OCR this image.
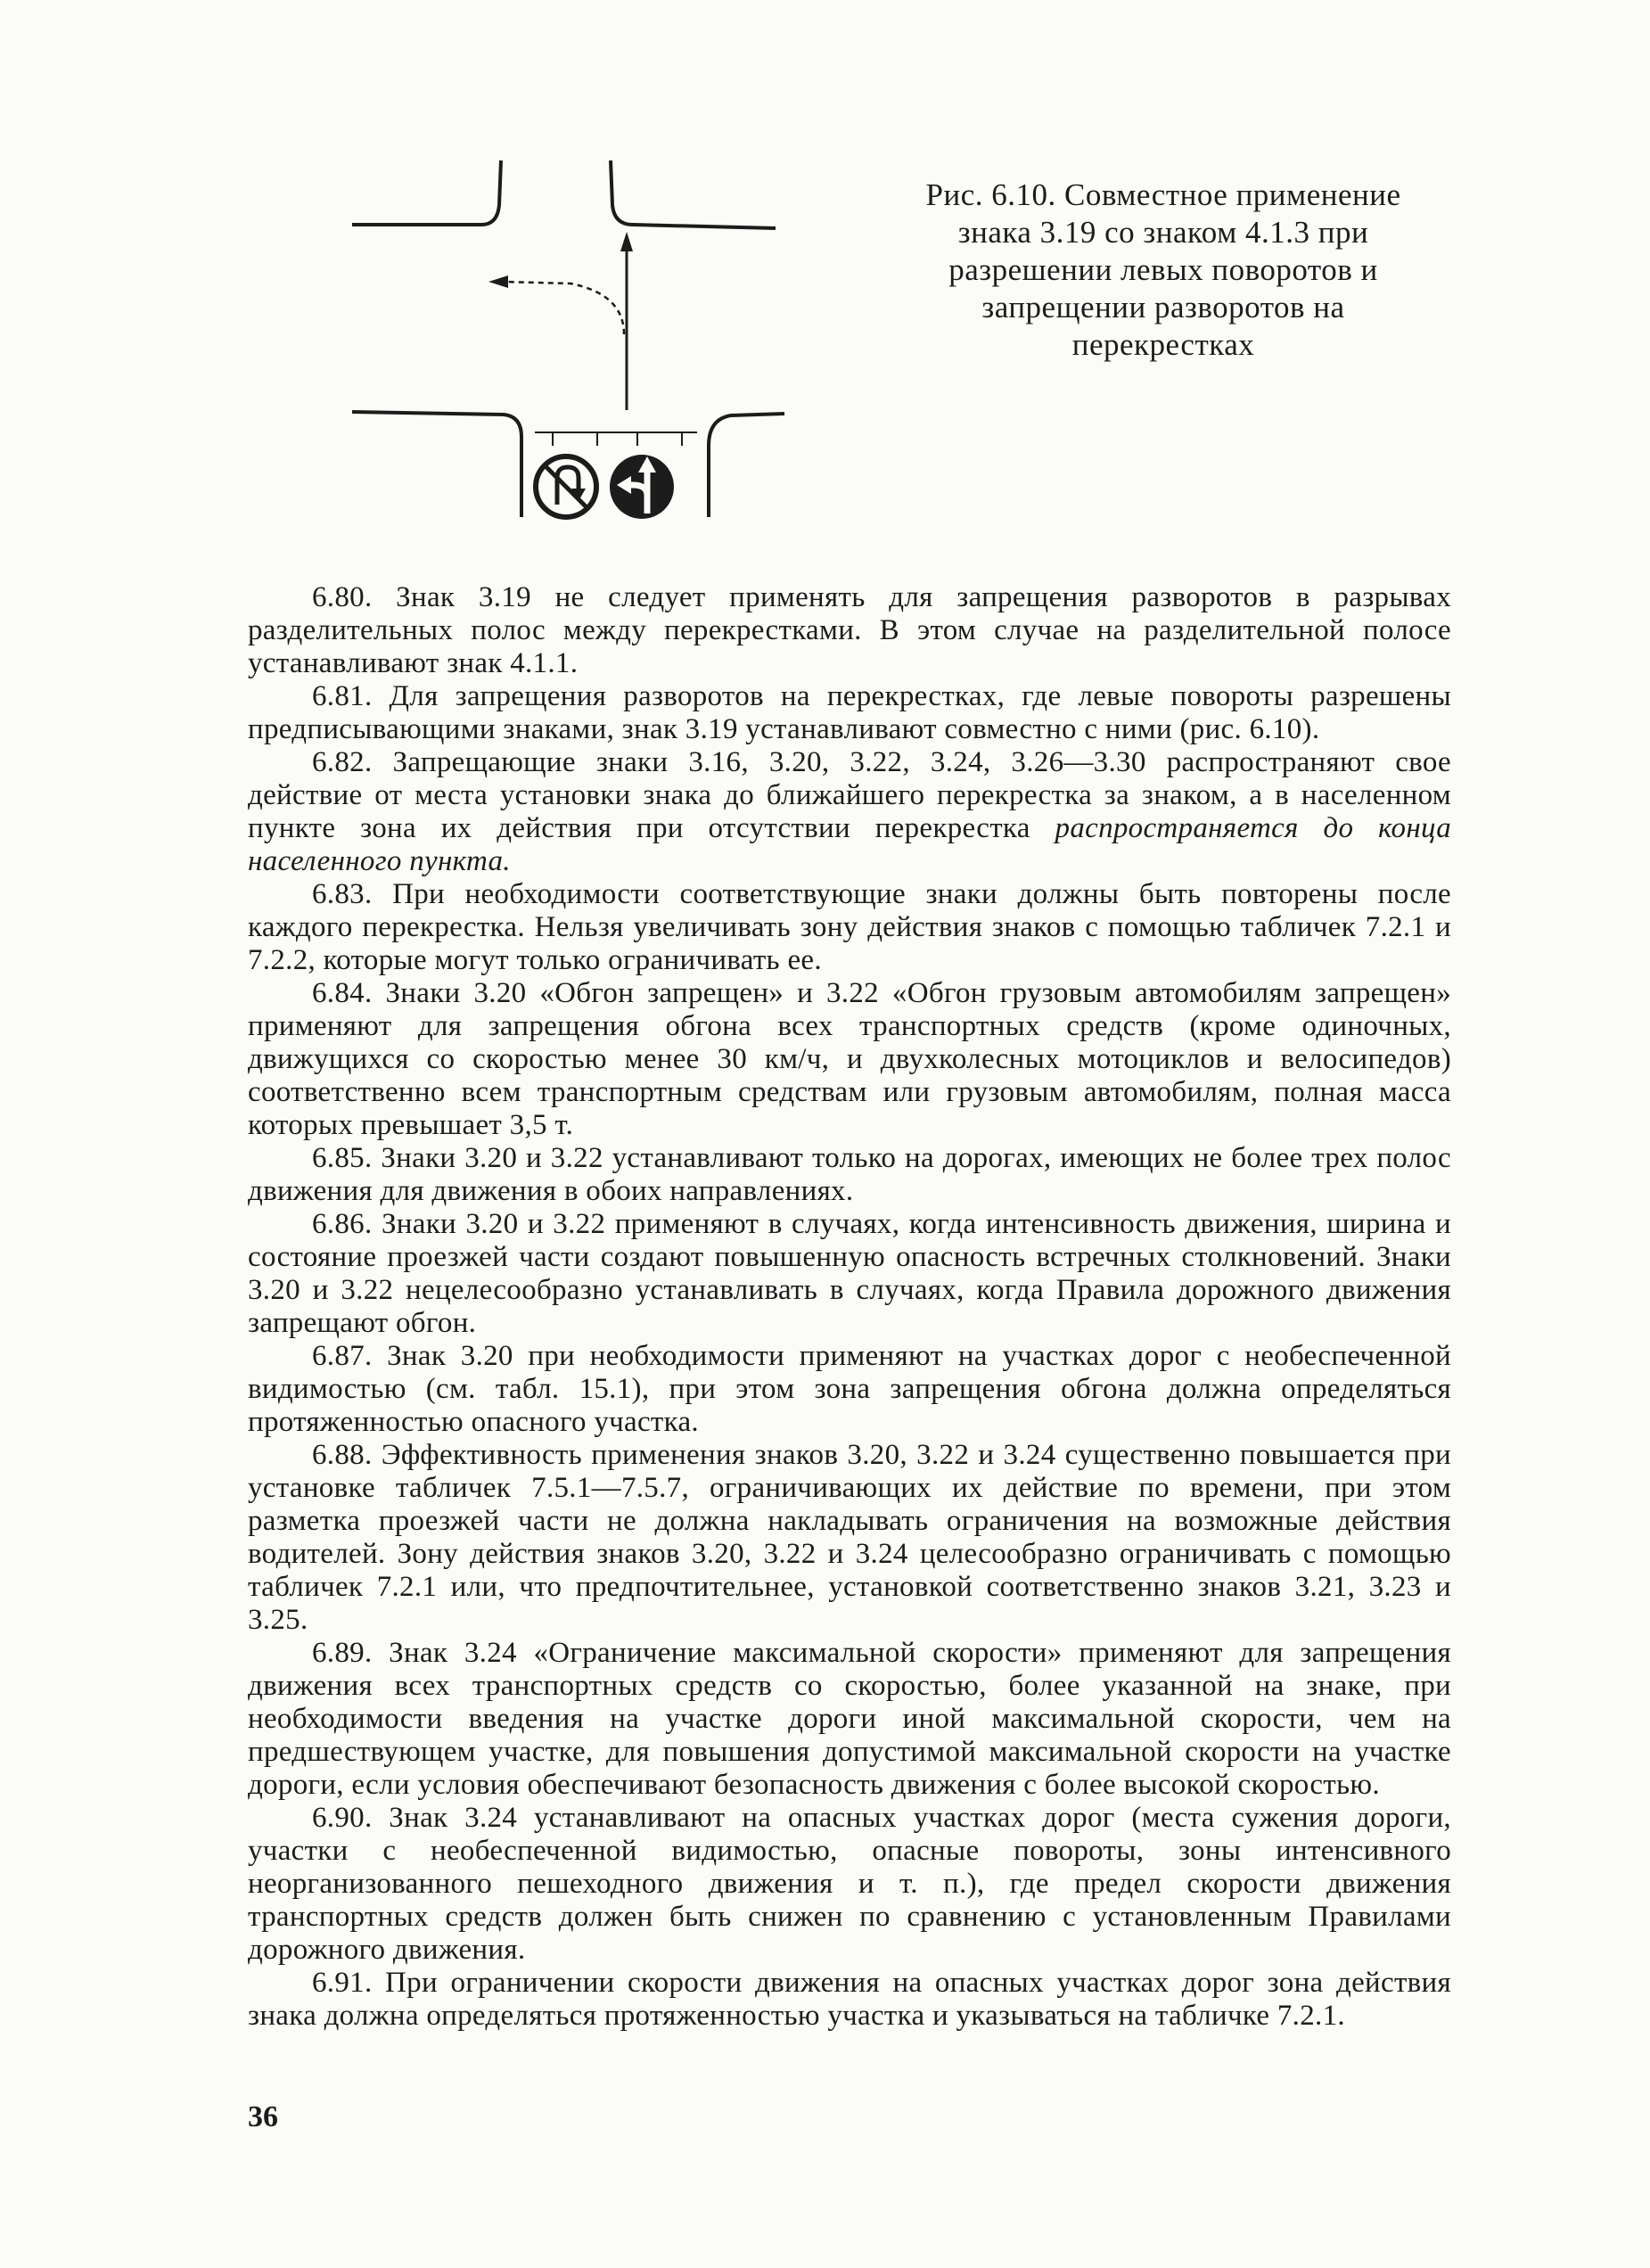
Рис. 6.10. Совместное применение знака 3.19 со знаком 4.1.3 при разрешении левых поворотов и запрещении разворотов на перекрестках

6.80. Знак 3.19 не следует применять для запрещения разворотов в разрывах разделительных полос между перекрестками. В этом случае на разделительной полосе устанавливают знак 4.1.1.

6.81. Для запрещения разворотов на перекрестках, где левые повороты разрешены предписывающими знаками, знак 3.19 устанавливают совместно с ними (рис. 6.10).

6.82. Запрещающие знаки 3.16, 3.20, 3.22, 3.24, 3.26—3.30 распространяют свое действие от места установки знака до ближайшего перекрестка за знаком, а в населенном пункте зона их действия при отсутствии перекрестка распространяется до конца населенного пункта.

6.83. При необходимости соответствующие знаки должны быть повторены после каждого перекрестка. Нельзя увеличивать зону действия знаков с помощью табличек 7.2.1 и 7.2.2, которые могут только ограничивать ее.

6.84. Знаки 3.20 «Обгон запрещен» и 3.22 «Обгон грузовым автомобилям запрещен» применяют для запрещения обгона всех транспортных средств (кроме одиночных, движущихся со скоростью менее 30 км/ч, и двухколесных мотоциклов и велосипедов) соответственно всем транспортным средствам или грузовым автомобилям, полная масса которых превышает 3,5 т.

6.85. Знаки 3.20 и 3.22 устанавливают только на дорогах, имеющих не более трех полос движения для движения в обоих направлениях.

6.86. Знаки 3.20 и 3.22 применяют в случаях, когда интенсивность движения, ширина и состояние проезжей части создают повышенную опасность встречных столкновений. Знаки 3.20 и 3.22 нецелесообразно устанавливать в случаях, когда Правила дорожного движения запрещают обгон.

6.87. Знак 3.20 при необходимости применяют на участках дорог с необеспеченной видимостью (см. табл. 15.1), при этом зона запрещения обгона должна определяться протяженностью опасного участка.

6.88. Эффективность применения знаков 3.20, 3.22 и 3.24 существенно повышается при установке табличек 7.5.1—7.5.7, ограничивающих их действие по времени, при этом разметка проезжей части не должна накладывать ограничения на возможные действия водителей. Зону действия знаков 3.20, 3.22 и 3.24 целесообразно ограничивать с помощью табличек 7.2.1 или, что предпочтительнее, установкой соответственно знаков 3.21, 3.23 и 3.25.

6.89. Знак 3.24 «Ограничение максимальной скорости» применяют для запрещения движения всех транспортных средств со скоростью, более указанной на знаке, при необходимости введения на участке дороги иной максимальной скорости, чем на предшествующем участке, для повышения допустимой максимальной скорости на участке дороги, если условия обеспечивают безопасность движения с более высокой скоростью.

6.90. Знак 3.24 устанавливают на опасных участках дорог (места сужения дороги, участки с необеспеченной видимостью, опасные повороты, зоны интенсивного неорганизованного пешеходного движения и т. п.), где предел скорости движения транспортных средств должен быть снижен по сравнению с установленным Правилами дорожного движения.

6.91. При ограничении скорости движения на опасных участках дорог зона действия знака должна определяться протяженностью участка и указываться на табличке 7.2.1.

36
